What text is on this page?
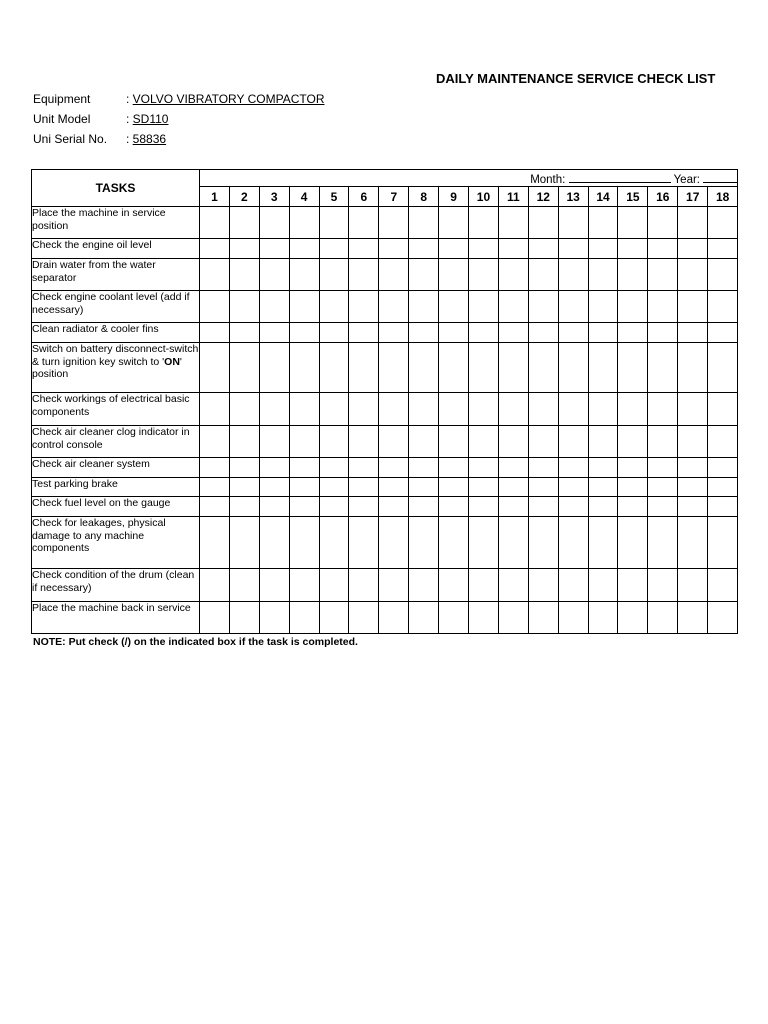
DAILY MAINTENANCE SERVICE CHECK LIST
Equipment	: VOLVO VIBRATORY COMPACTOR
Unit Model	: SD110
Uni Serial No. : 58836
TASKS	Month: Year:																	
	1	2	3	4	5	6	7	8	9	10	11	12	13	14	15	16	17	18
Place the machine in service position																		
Check the engine oil level																		
Drain water from the water separator																		
Check engine coolant level (add if necessary)																		
Clean radiator & cooler fins																		
Switch on battery disconnect-switch & turn ignition key switch to 'ON' position																		
Check workings of electrical basic components																		
Check air cleaner clog indicator in control console																		
Check air cleaner system																		
Test parking brake																		
Check fuel level on the gauge																		
Check for leakages, physical damage to any machine components																		
Check condition of the drum (clean if necessary)																		
Place the machine back in service																		
NOTE: Put check (/) on the indicated box if the task is completed.
